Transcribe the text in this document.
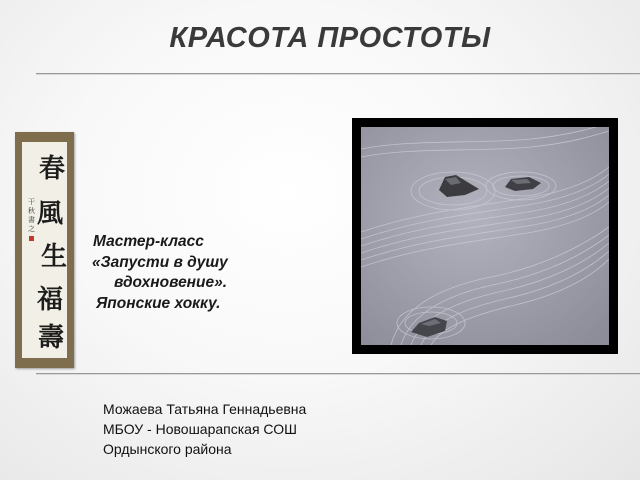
КРАСОТА ПРОСТОТЫ
干
秋
書
之
春
風
生
福
壽
Мастер-класс
«Запусти в душу
вдохновение».
Японские хокку.
Можаева Татьяна Геннадьевна
МБОУ - Новошарапская СОШ
Ордынского района
